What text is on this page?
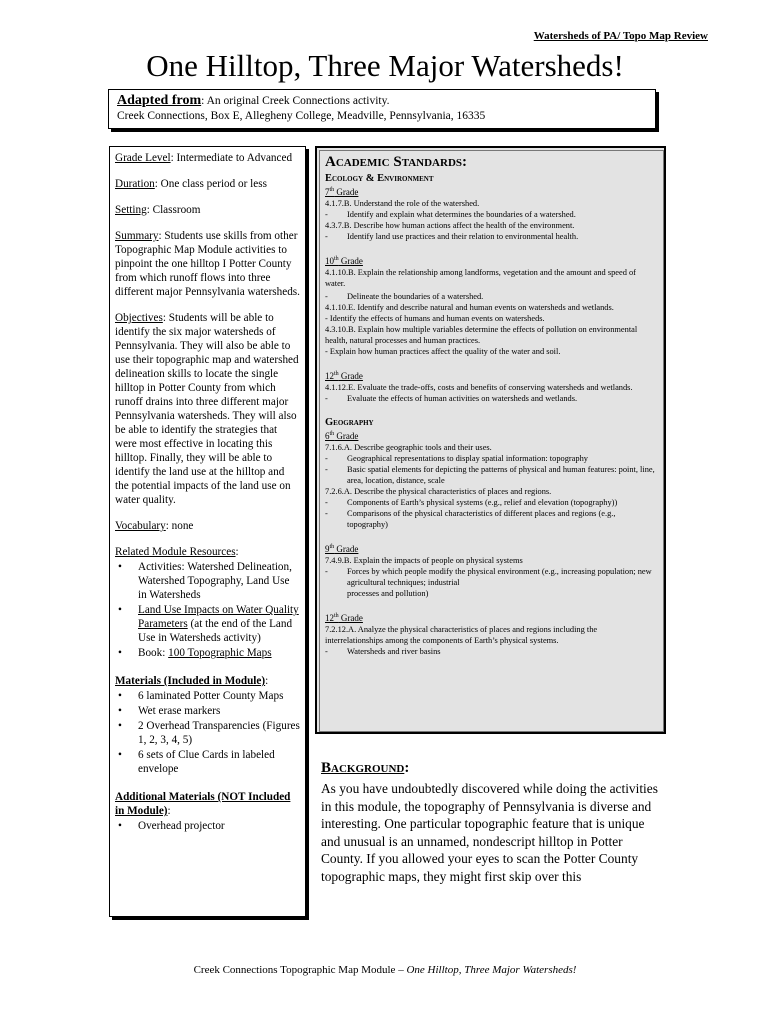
Watersheds of PA/ Topo Map Review
One Hilltop, Three Major Watersheds!
Adapted from: An original Creek Connections activity.
Creek Connections, Box E, Allegheny College, Meadville, Pennsylvania, 16335

Grade Level: Intermediate to Advanced

Duration: One class period or less

Setting: Classroom

Summary: Students use skills from other Topographic Map Module activities to pinpoint the one hilltop I Potter County from which runoff flows into three different major Pennsylvania watersheds.

Objectives: Students will be able to identify the six major watersheds of Pennsylvania. They will also be able to use their topographic map and watershed delineation skills to locate the single hilltop in Potter County from which runoff drains into three different major Pennsylvania watersheds. They will also be able to identify the strategies that were most effective in locating this hilltop. Finally, they will be able to identify the land use at the hilltop and the potential impacts of the land use on water quality.

Vocabulary: none

Related Module Resources:
• Activities: Watershed Delineation, Watershed Topography, Land Use in Watersheds
• Land Use Impacts on Water Quality Parameters (at the end of the Land Use in Watersheds activity)
• Book: 100 Topographic Maps
Materials (Included in Module):
• 6 laminated Potter County Maps
• Wet erase markers
• 2 Overhead Transparencies (Figures 1, 2, 3, 4, 5)
• 6 sets of Clue Cards in labeled envelope
Additional Materials (NOT Included in Module):
• Overhead projector
Academic Standards:
Ecology & Environment
7th Grade
4.1.7.B. Understand the role of the watershed.
- Identify and explain what determines the boundaries of a watershed.
4.3.7.B. Describe how human actions affect the health of the environment.
- Identify land use practices and their relation to environmental health.
10th Grade
4.1.10.B. Explain the relationship among landforms, vegetation and the amount and speed of water.
- Delineate the boundaries of a watershed.
4.1.10.E. Identify and describe natural and human events on watersheds and wetlands.
- Identify the effects of humans and human events on watersheds.
4.3.10.B. Explain how multiple variables determine the effects of pollution on environmental health, natural processes and human practices.
- Explain how human practices affect the quality of the water and soil.
12th Grade
4.1.12.E. Evaluate the trade-offs, costs and benefits of conserving watersheds and wetlands.
- Evaluate the effects of human activities on watersheds and wetlands.
Geography
6th Grade
7.1.6.A. Describe geographic tools and their uses.
- Geographical representations to display spatial information: topography
- Basic spatial elements for depicting the patterns of physical and human features: point, line, area, location, distance, scale
7.2.6.A. Describe the physical characteristics of places and regions.
- Components of Earth’s physical systems (e.g., relief and elevation (topography))
- Comparisons of the physical characteristics of different places and regions (e.g., topography)
9th Grade
7.4.9.B. Explain the impacts of people on physical systems
- Forces by which people modify the physical environment (e.g., increasing population; new agricultural techniques; industrial
processes and pollution)
12th Grade
7.2.12.A. Analyze the physical characteristics of places and regions including the interrelationships among the components of Earth’s physical systems.
- Watersheds and river basins
Background:
As you have undoubtedly discovered while doing the activities in this module, the topography of Pennsylvania is diverse and interesting. One particular topographic feature that is unique and unusual is an unnamed, nondescript hilltop in Potter County. If you allowed your eyes to scan the Potter County topographic maps, they might first skip over this
Creek Connections Topographic Map Module – One Hilltop, Three Major Watersheds!
